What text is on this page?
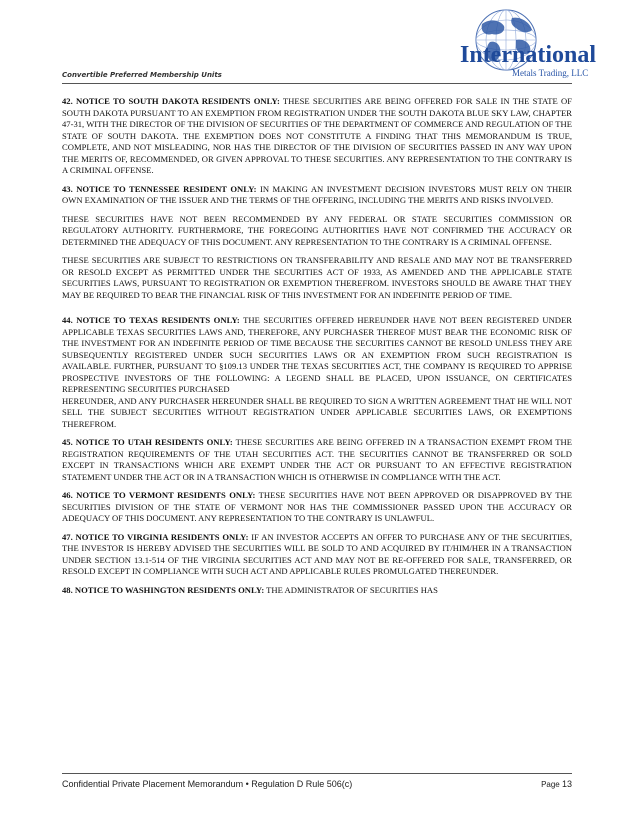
International
Metals Trading, LLC
Convertible Preferred Membership Units

42. NOTICE TO SOUTH DAKOTA RESIDENTS ONLY: THESE SECURITIES ARE BEING OFFERED FOR SALE IN THE STATE OF SOUTH DAKOTA PURSUANT TO AN EXEMPTION FROM REGISTRATION UNDER THE SOUTH DAKOTA BLUE SKY LAW, CHAPTER 47-31, WITH THE DIRECTOR OF THE DIVISION OF SECURITIES OF THE DEPARTMENT OF COMMERCE AND REGULATION OF THE STATE OF SOUTH DAKOTA. THE EXEMPTION DOES NOT CONSTITUTE A FINDING THAT THIS MEMORANDUM IS TRUE, COMPLETE, AND NOT MISLEADING, NOR HAS THE DIRECTOR OF THE DIVISION OF SECURITIES PASSED IN ANY WAY UPON THE MERITS OF, RECOMMENDED, OR GIVEN APPROVAL TO THESE SECURITIES. ANY REPRESENTATION TO THE CONTRARY IS A CRIMINAL OFFENSE.

43. NOTICE TO TENNESSEE RESIDENT ONLY: IN MAKING AN INVESTMENT DECISION INVESTORS MUST RELY ON THEIR OWN EXAMINATION OF THE ISSUER AND THE TERMS OF THE OFFERING, INCLUDING THE MERITS AND RISKS INVOLVED.

THESE SECURITIES HAVE NOT BEEN RECOMMENDED BY ANY FEDERAL OR STATE SECURITIES COMMISSION OR REGULATORY AUTHORITY. FURTHERMORE, THE FOREGOING AUTHORITIES HAVE NOT CONFIRMED THE ACCURACY OR DETERMINED THE ADEQUACY OF THIS DOCUMENT. ANY REPRESENTATION TO THE CONTRARY IS A CRIMINAL OFFENSE.

THESE SECURITIES ARE SUBJECT TO RESTRICTIONS ON TRANSFERABILITY AND RESALE AND MAY NOT BE TRANSFERRED OR RESOLD EXCEPT AS PERMITTED UNDER THE SECURITIES ACT OF 1933, AS AMENDED AND THE APPLICABLE STATE SECURITIES LAWS, PURSUANT TO REGISTRATION OR EXEMPTION THEREFROM. INVESTORS SHOULD BE AWARE THAT THEY MAY BE REQUIRED TO BEAR THE FINANCIAL RISK OF THIS INVESTMENT FOR AN INDEFINITE PERIOD OF TIME.

44. NOTICE TO TEXAS RESIDENTS ONLY: THE SECURITIES OFFERED HEREUNDER HAVE NOT BEEN REGISTERED UNDER APPLICABLE TEXAS SECURITIES LAWS AND, THEREFORE, ANY PURCHASER THEREOF MUST BEAR THE ECONOMIC RISK OF THE INVESTMENT FOR AN INDEFINITE PERIOD OF TIME BECAUSE THE SECURITIES CANNOT BE RESOLD UNLESS THEY ARE SUBSEQUENTLY REGISTERED UNDER SUCH SECURITIES LAWS OR AN EXEMPTION FROM SUCH REGISTRATION IS AVAILABLE. FURTHER, PURSUANT TO §109.13 UNDER THE TEXAS SECURITIES ACT, THE COMPANY IS REQUIRED TO APPRISE PROSPECTIVE INVESTORS OF THE FOLLOWING: A LEGEND SHALL BE PLACED, UPON ISSUANCE, ON CERTIFICATES REPRESENTING SECURITIES PURCHASED
HEREUNDER, AND ANY PURCHASER HEREUNDER SHALL BE REQUIRED TO SIGN A WRITTEN AGREEMENT THAT HE WILL NOT SELL THE SUBJECT SECURITIES WITHOUT REGISTRATION UNDER APPLICABLE SECURITIES LAWS, OR EXEMPTIONS THEREFROM.

45. NOTICE TO UTAH RESIDENTS ONLY: THESE SECURITIES ARE BEING OFFERED IN A TRANSACTION EXEMPT FROM THE REGISTRATION REQUIREMENTS OF THE UTAH SECURITIES ACT. THE SECURITIES CANNOT BE TRANSFERRED OR SOLD EXCEPT IN TRANSACTIONS WHICH ARE EXEMPT UNDER THE ACT OR PURSUANT TO AN EFFECTIVE REGISTRATION STATEMENT UNDER THE ACT OR IN A TRANSACTION WHICH IS OTHERWISE IN COMPLIANCE WITH THE ACT.

46. NOTICE TO VERMONT RESIDENTS ONLY: THESE SECURITIES HAVE NOT BEEN APPROVED OR DISAPPROVED BY THE SECURITIES DIVISION OF THE STATE OF VERMONT NOR HAS THE COMMISSIONER PASSED UPON THE ACCURACY OR ADEQUACY OF THIS DOCUMENT. ANY REPRESENTATION TO THE CONTRARY IS UNLAWFUL.

47. NOTICE TO VIRGINIA RESIDENTS ONLY: IF AN INVESTOR ACCEPTS AN OFFER TO PURCHASE ANY OF THE SECURITIES, THE INVESTOR IS HEREBY ADVISED THE SECURITIES WILL BE SOLD TO AND ACQUIRED BY IT/HIM/HER IN A TRANSACTION UNDER SECTION 13.1-514 OF THE VIRGINIA SECURITIES ACT AND MAY NOT BE RE-OFFERED FOR SALE, TRANSFERRED, OR RESOLD EXCEPT IN COMPLIANCE WITH SUCH ACT AND APPLICABLE RULES PROMULGATED THEREUNDER.

48. NOTICE TO WASHINGTON RESIDENTS ONLY: THE ADMINISTRATOR OF SECURITIES HAS

Confidential Private Placement Memorandum • Regulation D Rule 506(c)	Page 13
